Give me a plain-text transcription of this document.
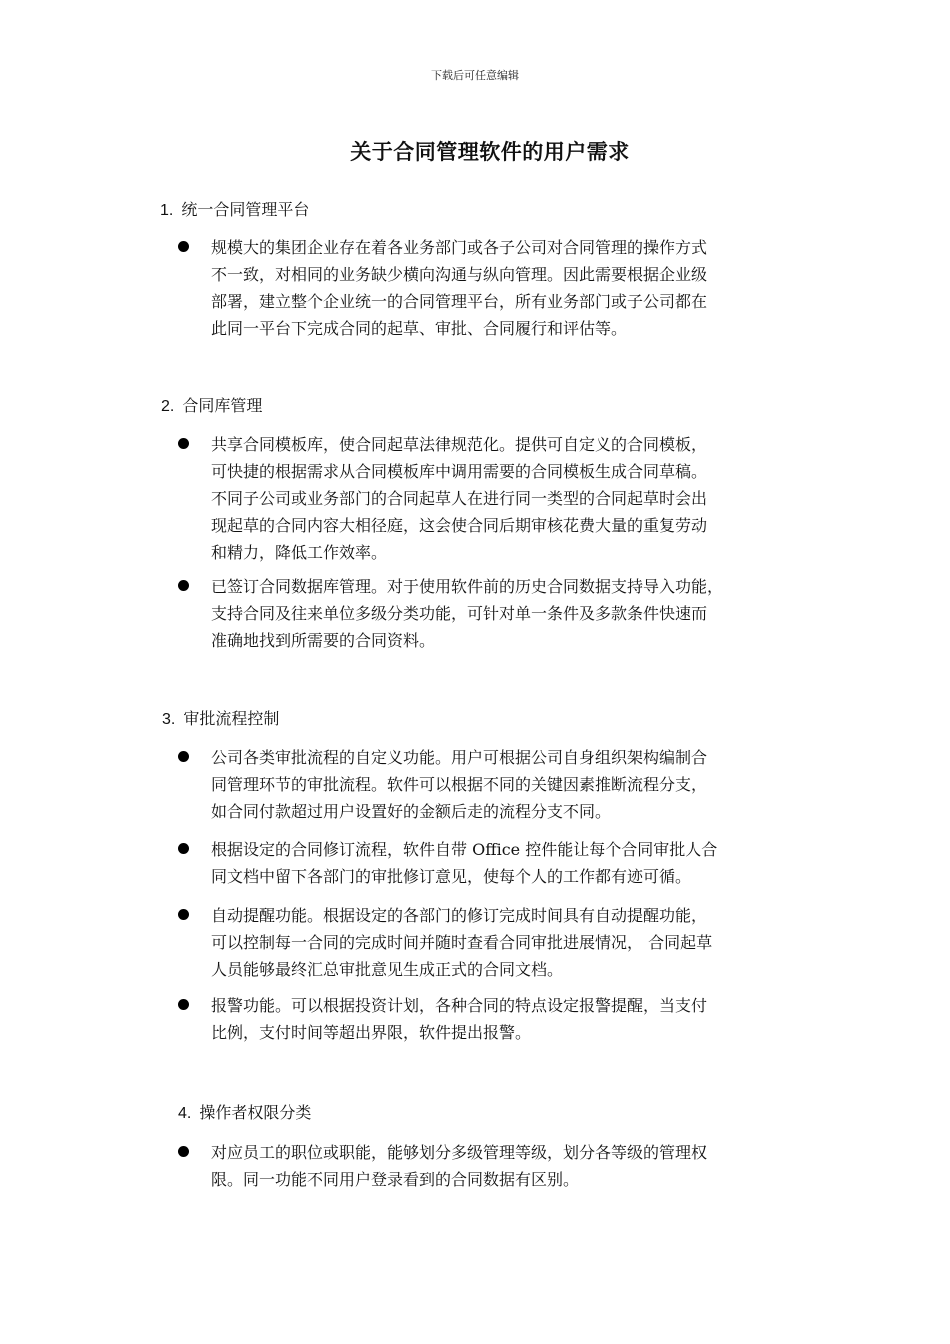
下载后可任意编辑
关于合同管理软件的用户需求
1. 统一合同管理平台
规模大的集团企业存在着各业务部门或各子公司对合同管理的操作方式
不一致，对相同的业务缺少横向沟通与纵向管理。因此需要根据企业级
部署，建立整个企业统一的合同管理平台，所有业务部门或子公司都在
此同一平台下完成合同的起草、审批、合同履行和评估等。
2. 合同库管理
共享合同模板库，使合同起草法律规范化。提供可自定义的合同模板，
可快捷的根据需求从合同模板库中调用需要的合同模板生成合同草稿。
不同子公司或业务部门的合同起草人在进行同一类型的合同起草时会出
现起草的合同内容大相径庭，这会使合同后期审核花费大量的重复劳动
和精力，降低工作效率。
已签订合同数据库管理。对于使用软件前的历史合同数据支持导入功能，
支持合同及往来单位多级分类功能，可针对单一条件及多款条件快速而
准确地找到所需要的合同资料。
3. 审批流程控制
公司各类审批流程的自定义功能。用户可根据公司自身组织架构编制合
同管理环节的审批流程。软件可以根据不同的关键因素推断流程分支，
如合同付款超过用户设置好的金额后走的流程分支不同。
根据设定的合同修订流程，软件自带 Office 控件能让每个合同审批人合
同文档中留下各部门的审批修订意见，使每个人的工作都有迹可循。
自动提醒功能。根据设定的各部门的修订完成时间具有自动提醒功能，
可以控制每一合同的完成时间并随时查看合同审批进展情况， 合同起草
人员能够最终汇总审批意见生成正式的合同文档。
报警功能。可以根据投资计划，各种合同的特点设定报警提醒，当支付
比例，支付时间等超出界限，软件提出报警。
4. 操作者权限分类
对应员工的职位或职能，能够划分多级管理等级，划分各等级的管理权
限。同一功能不同用户登录看到的合同数据有区别。
